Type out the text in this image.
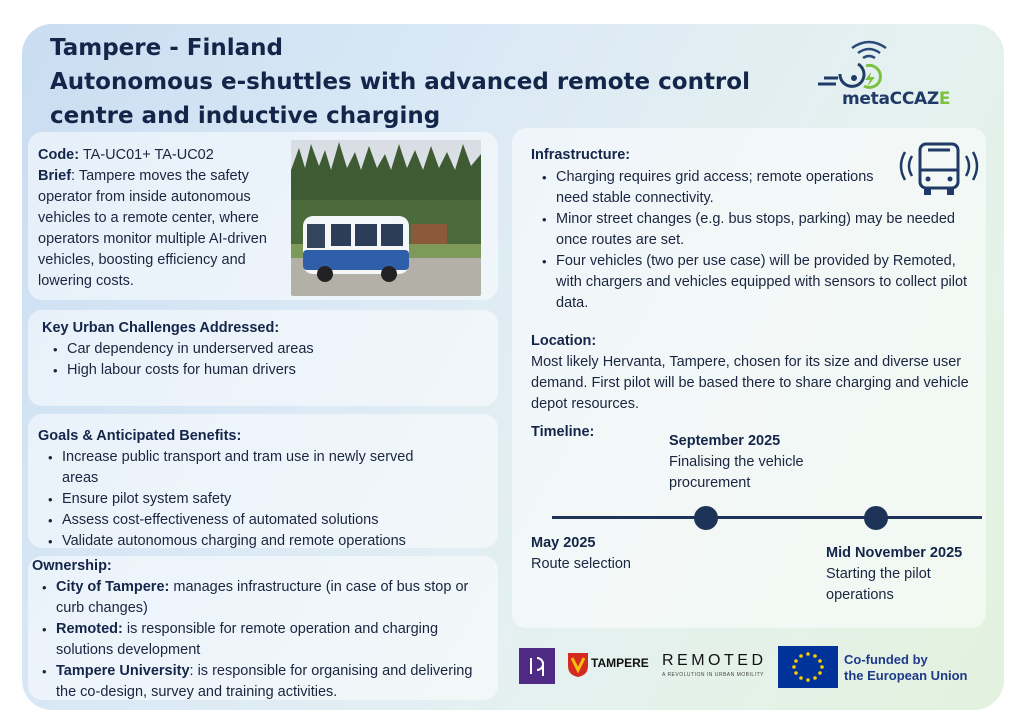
Tampere - Finland
Autonomous e-shuttles with advanced remote control
centre and inductive charging
metaCCAZE
Code: TA-UC01+ TA-UC02
Brief: Tampere moves the safety operator from inside autonomous vehicles to a remote center, where operators monitor multiple AI-driven vehicles, boosting efficiency and lowering costs.
Key Urban Challenges Addressed:
• Car dependency in underserved areas
• High labour costs for human drivers
Goals & Anticipated Benefits:
• Increase public transport and tram use in newly served areas
• Ensure pilot system safety
• Assess cost-effectiveness of automated solutions
• Validate autonomous charging and remote operations
Ownership:
• City of Tampere: manages infrastructure (in case of bus stop or curb changes)
• Remoted: is responsible for remote operation and charging solutions development
• Tampere University: is responsible for organising and delivering the co-design, survey and training activities.
Infrastructure:
• Charging requires grid access; remote operations need stable connectivity.
• Minor street changes (e.g. bus stops, parking) may be needed once routes are set.
• Four vehicles (two per use case) will be provided by Remoted, with chargers and vehicles equipped with sensors to collect pilot data.
Location:
Most likely Hervanta, Tampere, chosen for its size and diverse user demand. First pilot will be based there to share charging and vehicle depot resources.
Timeline:
September 2025
Finalising the vehicle procurement
May 2025
Route selection
Mid November 2025
Starting the pilot operations
TAMPERE REMOTED
A REVOLUTION IN URBAN MOBILITY
Co-funded by
the European Union
